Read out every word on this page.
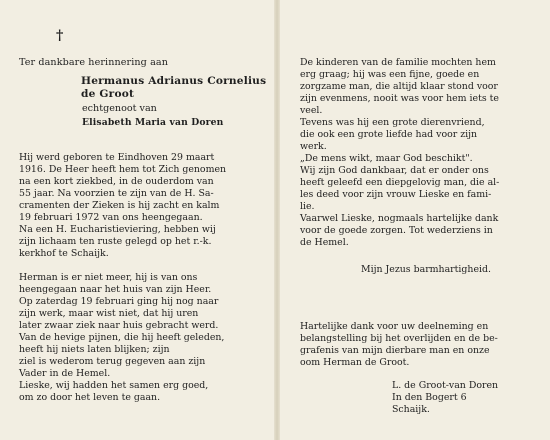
†
Ter dankbare herinnering aan
Hermanus Adrianus Cornelius
de Groot
echtgenoot van
Elisabeth Maria van Doren
Hij werd geboren te Eindhoven 29 maart
1916. De Heer heeft hem tot Zich genomen
na een kort ziekbed, in de ouderdom van
55 jaar. Na voorzien te zijn van de H. Sa-
cramenten der Zieken is hij zacht en kalm
19 februari 1972 van ons heengegaan.
Na een H. Eucharistieviering, hebben wij
zijn lichaam ten ruste gelegd op het r.-k.
kerkhof te Schaijk.
Herman is er niet meer, hij is van ons
heengegaan naar het huis van zijn Heer.
Op zaterdag 19 februari ging hij nog naar
zijn werk, maar wist niet, dat hij uren
later zwaar ziek naar huis gebracht werd.
Van de hevige pijnen, die hij heeft geleden,
heeft hij niets laten blijken; zijn
ziel is wederom terug gegeven aan zijn
Vader in de Hemel.
Lieske, wij hadden het samen erg goed,
om zo door het leven te gaan.
De kinderen van de familie mochten hem
erg graag; hij was een fijne, goede en
zorgzame man, die altijd klaar stond voor
zijn evenmens, nooit was voor hem iets te
veel.
Tevens was hij een grote dierenvriend,
die ook een grote liefde had voor zijn
werk.
„De mens wikt, maar God beschikt".
Wij zijn God dankbaar, dat er onder ons
heeft geleefd een diepgelovig man, die al-
les deed voor zijn vrouw Lieske en fami-
lie.
Vaarwel Lieske, nogmaals hartelijke dank
voor de goede zorgen. Tot wederziens in
de Hemel.
Mijn Jezus barmhartigheid.
Hartelijke dank voor uw deelneming en
belangstelling bij het overlijden en de be-
grafenis van mijn dierbare man en onze
oom Herman de Groot.
L. de Groot-van Doren
In den Bogert 6
Schaijk.
